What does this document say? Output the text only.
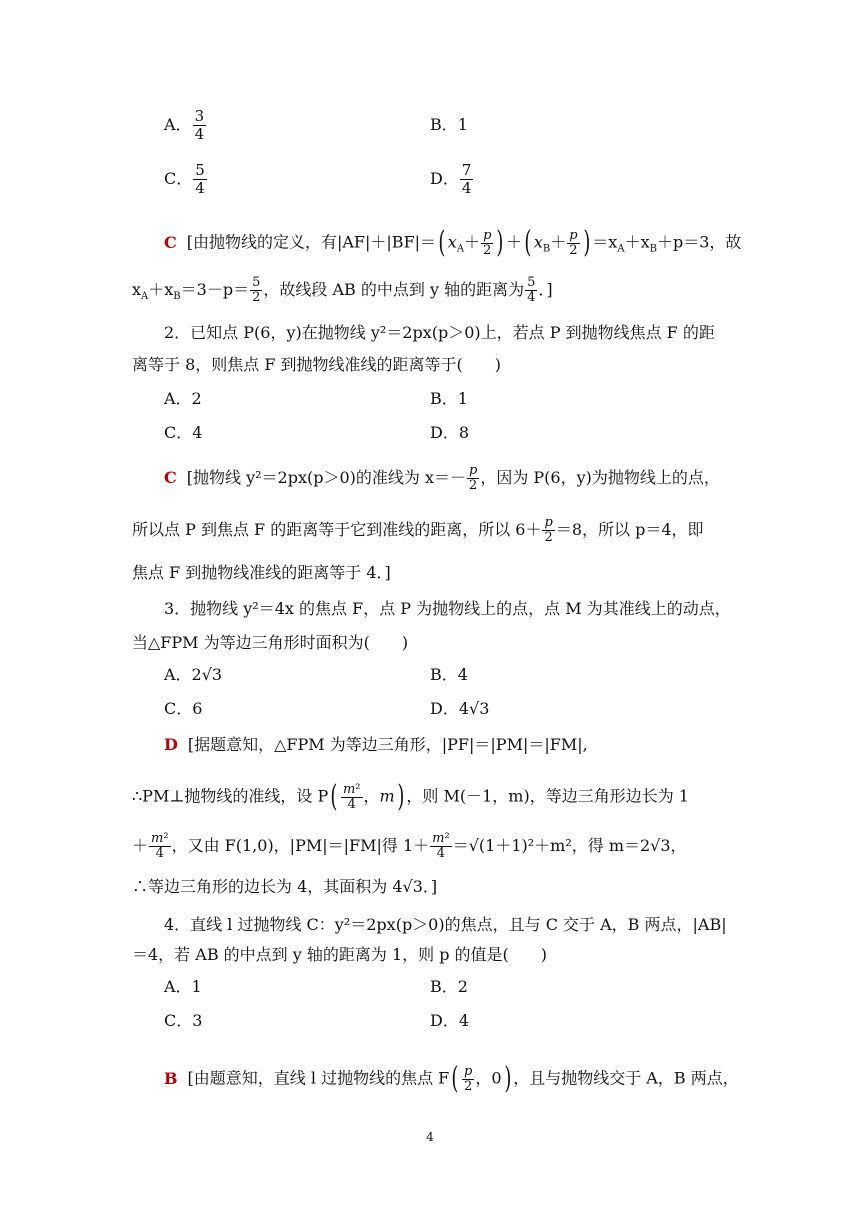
A． $\frac{3}{4}$	B．1
C． $\frac{5}{4}$	D． $\frac{7}{4}$
C [由抛物线的定义，有|AF|＋|BF|＝( $x_A+ \frac{p}{2}$ ) ＋( $x_B+ \frac{p}{2}$ ) $=x_A+x_B+p=3$，故
$x_A+x_B=3-p= \frac{5}{2}$ ，故线段 AB 的中点到 y 轴的距离为 $\frac{5}{4}$ ．]
2．已知点 P(6，y)在抛物线 y²＝2px(p＞0)上，若点 P 到抛物线焦点 F 的距
离等于 8，则焦点 F 到抛物线准线的距离等于(　　)
A．2	B．1
C．4	D．8
C [抛物线 y²＝2px(p＞0)的准线为 $x=- \frac{p}{2}$ ，因为 P(6，y)为抛物线上的点，
所以点 P 到焦点 F 的距离等于它到准线的距离，所以 $6+ \frac{p}{2} =8$，所以 p＝4，即
焦点 F 到抛物线准线的距离等于 4．]
3．抛物线 y²＝4x 的焦点 F，点 P 为抛物线上的点，点 M 为其准线上的动点，
当△FPM 为等边三角形时面积为(　　)
A．2√3	B．4
C．6	D．4√3
D [据题意知，△FPM 为等边三角形，|PF|＝|PM|＝|FM|,
∴PM⊥抛物线的准线，设 $P( \frac{\text{m²}}{4}$ ，m) ，则 M(－1，m)，等边三角形边长为 1
＋ $\frac{\text{m²}}{4}$ ，又由 F(1,0)，|PM|＝|FM|得 $1+ \frac{\text{m²}}{4} =√(1+1)^2+m^2$，得 m＝2√3，
∴等边三角形的边长为 4，其面积为 4√3．]
4．直线 l 过抛物线 C：y²＝2px(p＞0)的焦点，且与 C 交于 A，B 两点，|AB|
＝4，若 AB 的中点到 y 轴的距离为 1，则 p 的值是(　　)
A．1	B．2
C．3	D．4
B [由题意知，直线 l 过抛物线的焦点 $F( \frac{p}{2}$ ，0) ，且与抛物线交于 A，B 两点，
4
